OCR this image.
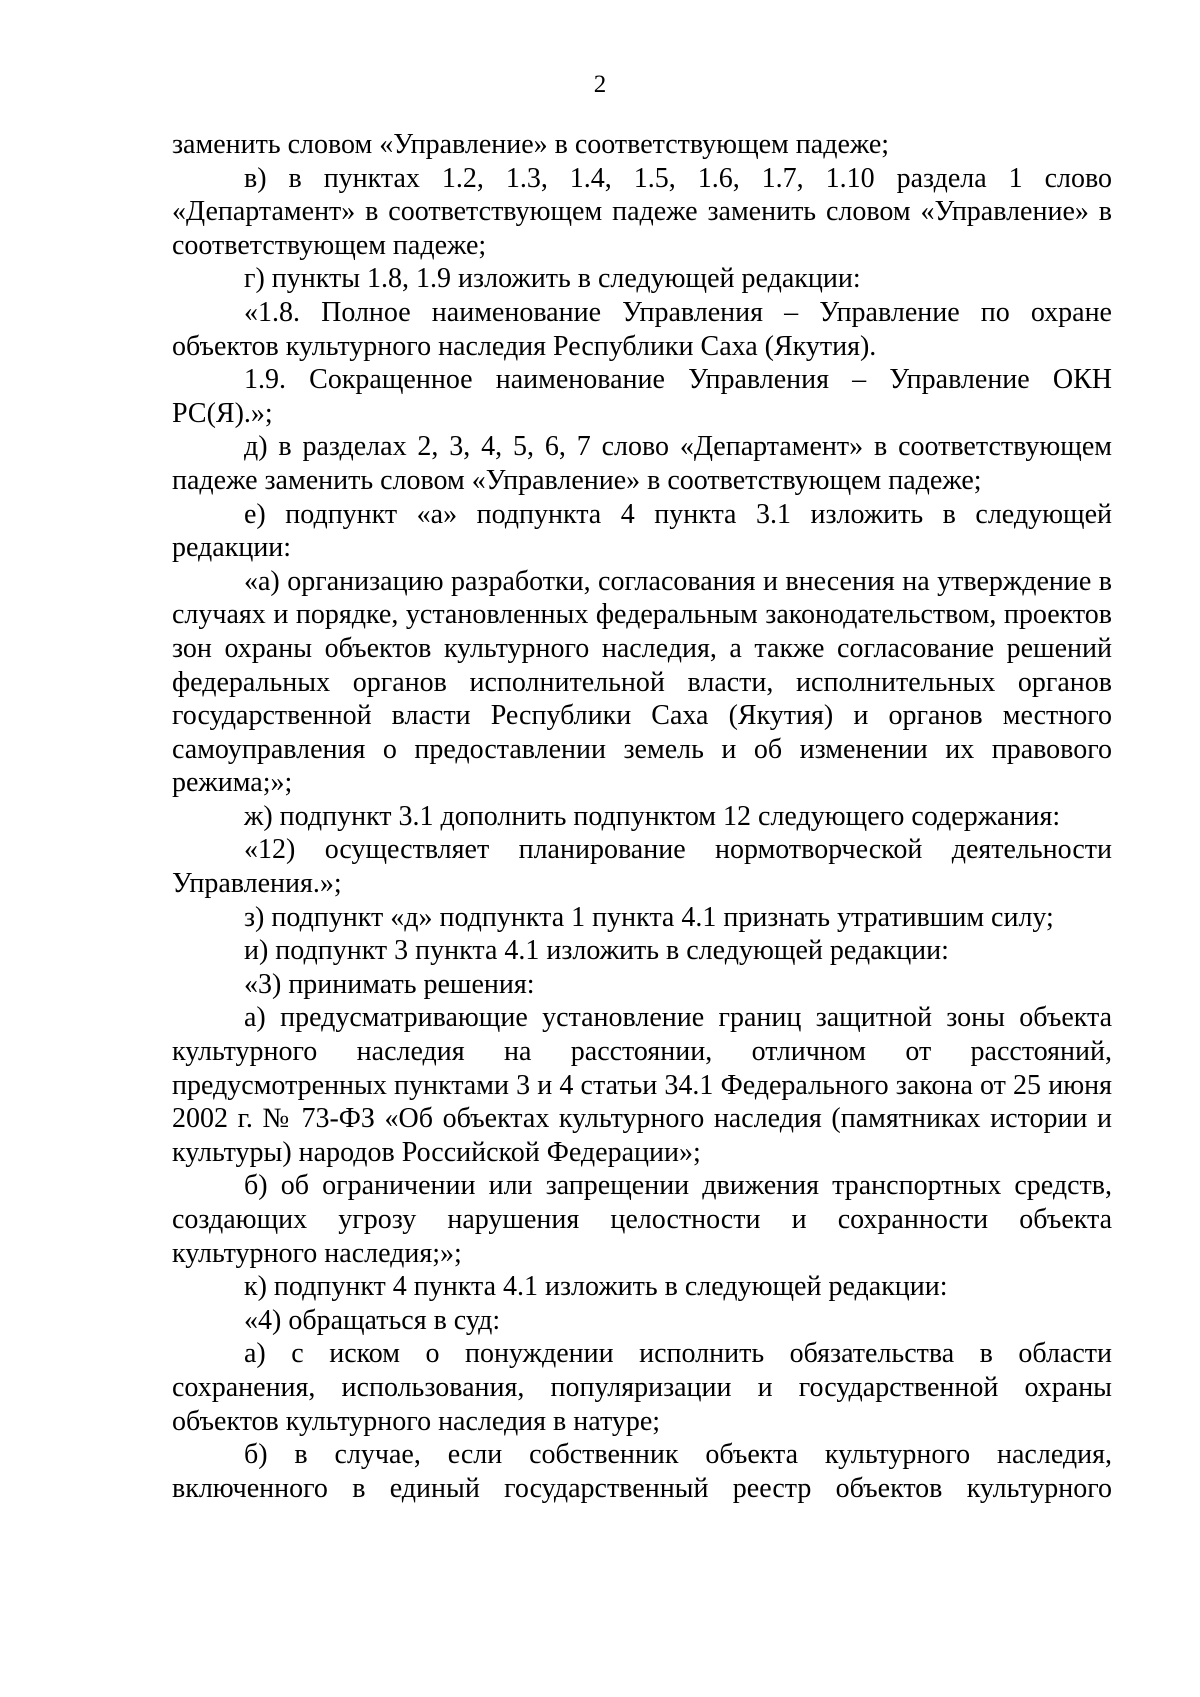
2

заменить словом «Управление» в соответствующем падеже;

в) в пунктах 1.2, 1.3, 1.4, 1.5, 1.6, 1.7, 1.10 раздела 1 слово «Департамент» в соответствующем падеже заменить словом «Управление» в соответствующем падеже;

г) пункты 1.8, 1.9 изложить в следующей редакции:

«1.8. Полное наименование Управления – Управление по охране объектов культурного наследия Республики Саха (Якутия).

1.9. Сокращенное наименование Управления – Управление ОКН РС(Я).»;

д) в разделах 2, 3, 4, 5, 6, 7 слово «Департамент» в соответствующем падеже заменить словом «Управление» в соответствующем падеже;

е) подпункт «а» подпункта 4 пункта 3.1 изложить в следующей редакции:

«а) организацию разработки, согласования и внесения на утверждение в случаях и порядке, установленных федеральным законодательством, проектов зон охраны объектов культурного наследия, а также согласование решений федеральных органов исполнительной власти, исполнительных органов государственной власти Республики Саха (Якутия) и органов местного самоуправления о предоставлении земель и об изменении их правового режима;»;

ж) подпункт 3.1 дополнить подпунктом 12 следующего содержания:

«12) осуществляет планирование нормотворческой деятельности Управления.»;

з) подпункт «д» подпункта 1 пункта 4.1 признать утратившим силу;

и) подпункт 3 пункта 4.1 изложить в следующей редакции:

«3) принимать решения:

а) предусматривающие установление границ защитной зоны объекта культурного наследия на расстоянии, отличном от расстояний, предусмотренных пунктами 3 и 4 статьи 34.1 Федерального закона от 25 июня 2002 г. № 73-ФЗ «Об объектах культурного наследия (памятниках истории и культуры) народов Российской Федерации»;

б) об ограничении или запрещении движения транспортных средств, создающих угрозу нарушения целостности и сохранности объекта культурного наследия;»;

к) подпункт 4 пункта 4.1 изложить в следующей редакции:

«4) обращаться в суд:

а) с иском о понуждении исполнить обязательства в области сохранения, использования, популяризации и государственной охраны объектов культурного наследия в натуре;

б) в случае, если собственник объекта культурного наследия, включенного в единый государственный реестр объектов культурного
